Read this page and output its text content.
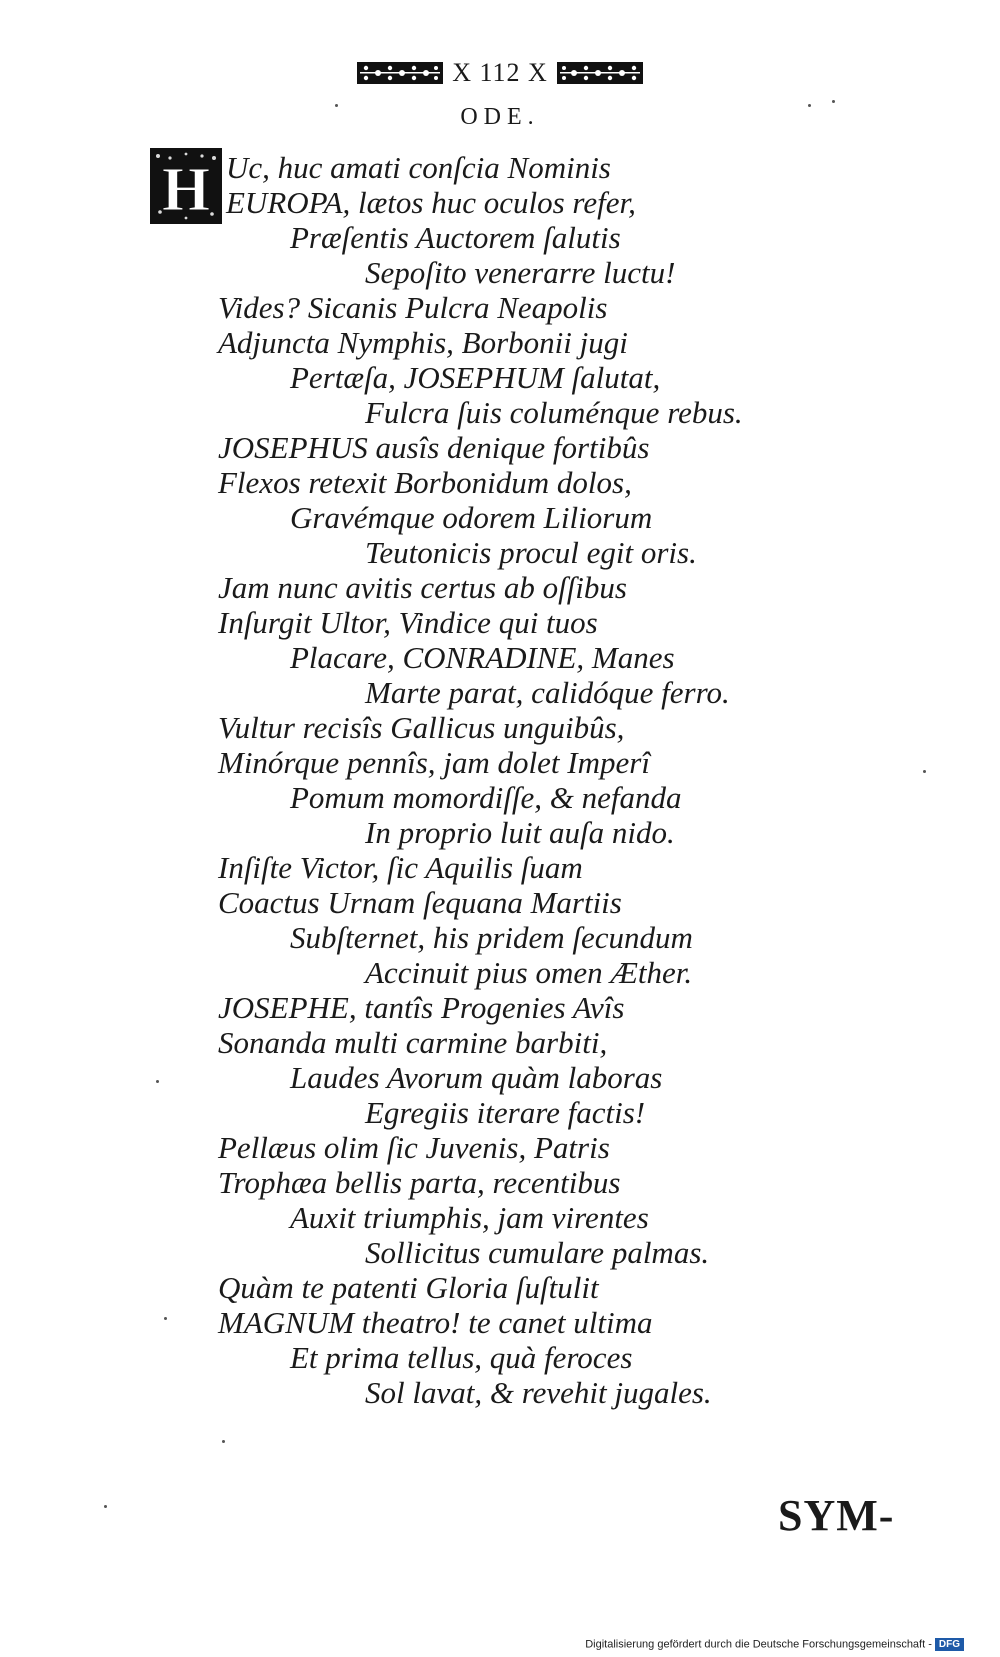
X 112 X
ODE.
H Uc, huc amati conſcia Nominis
EUROPA, lætos huc oculos refer,
Præſentis Auctorem ſalutis
Sepoſito venerarre luctu!
Vides? Sicanis Pulcra Neapolis
Adjuncta Nymphis, Borbonii jugi
Pertæſa, JOSEPHUM ſalutat,
Fulcra ſuis columénque rebus.
JOSEPHUS ausîs denique fortibûs
Flexos retexit Borbonidum dolos,
Gravémque odorem Liliorum
Teutonicis procul egit oris.
Jam nunc avitis certus ab oſſibus
Inſurgit Ultor, Vindice qui tuos
Placare, CONRADINE, Manes
Marte parat, calidóque ferro.
Vultur recisîs Gallicus unguibûs,
Minórque pennîs, jam dolet Imperî
Pomum momordiſſe, & nefanda
In proprio luit auſa nido.
Inſiſte Victor, ſic Aquilis ſuam
Coactus Urnam ſequana Martiis
Subſternet, his pridem ſecundum
Accinuit pius omen Æther.
JOSEPHE, tantîs Progenies Avîs
Sonanda multi carmine barbiti,
Laudes Avorum quàm laboras
Egregiis iterare factis!
Pellæus olim ſic Juvenis, Patris
Trophæa bellis parta, recentibus
Auxit triumphis, jam virentes
Sollicitus cumulare palmas.
Quàm te patenti Gloria ſuſtulit
MAGNUM theatro! te canet ultima
Et prima tellus, quà feroces
Sol lavat, & revehit jugales.
SYM-
Digitalisierung gefördert durch die Deutsche Forschungsgemeinschaft - DFG
